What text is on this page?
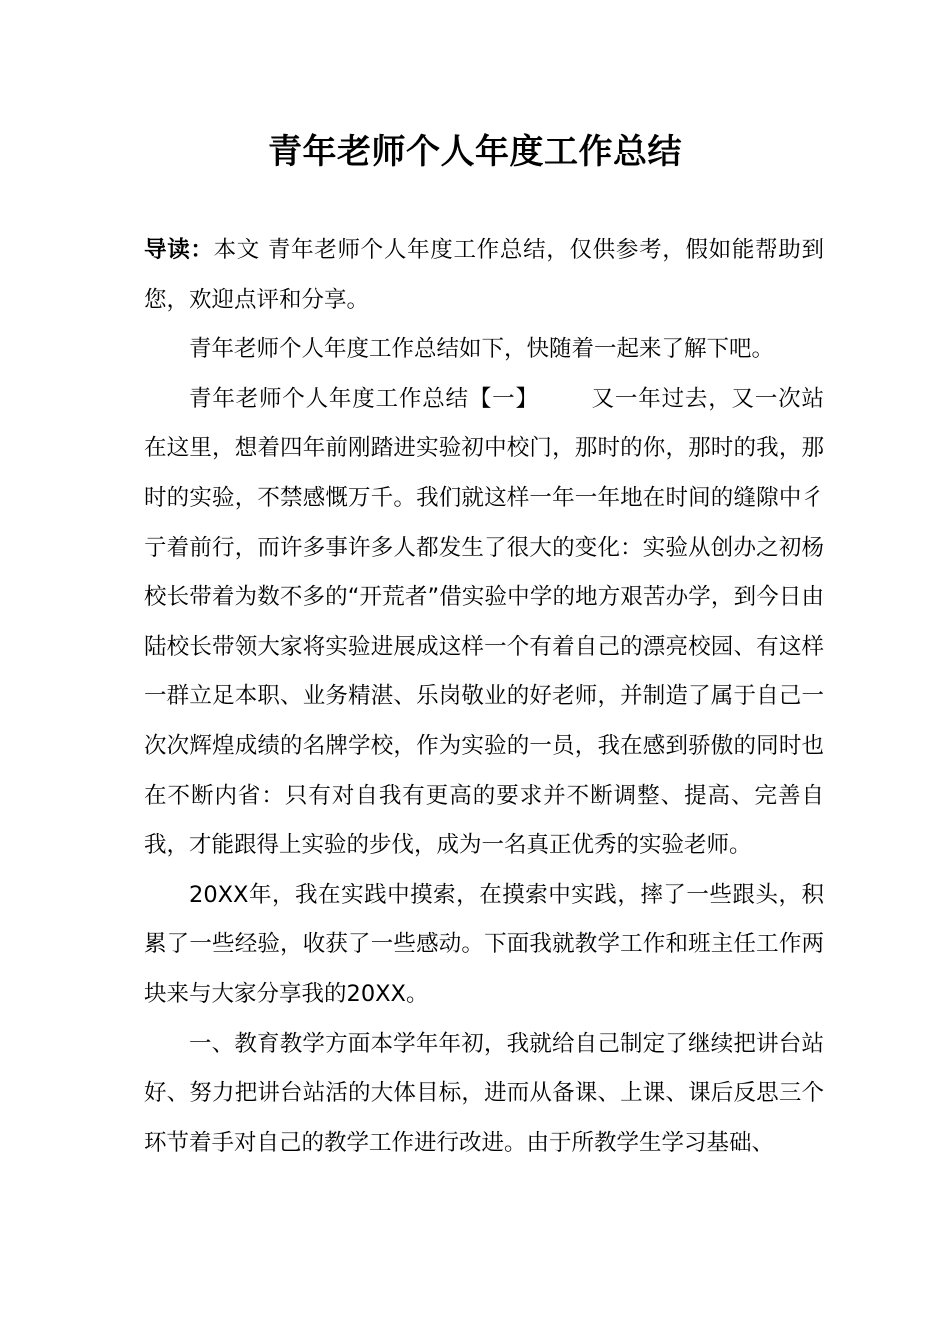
青年老师个人年度工作总结

导读：本文 青年老师个人年度工作总结，仅供参考，假如能帮助到您，欢迎点评和分享。

青年老师个人年度工作总结如下，快随着一起来了解下吧。

青年老师个人年度工作总结【一】 又一年过去，又一次站在这里，想着四年前刚踏进实验初中校门，那时的你，那时的我，那时的实验，不禁感慨万千。我们就这样一年一年地在时间的缝隙中彳亍着前行，而许多事许多人都发生了很大的变化：实验从创办之初杨校长带着为数不多的“开荒者”借实验中学的地方艰苦办学，到今日由陆校长带领大家将实验进展成这样一个有着自己的漂亮校园、有这样一群立足本职、业务精湛、乐岗敬业的好老师，并制造了属于自己一次次辉煌成绩的名牌学校，作为实验的一员，我在感到骄傲的同时也在不断内省：只有对自我有更高的要求并不断调整、提高、完善自我，才能跟得上实验的步伐，成为一名真正优秀的实验老师。

20XX年，我在实践中摸索，在摸索中实践，摔了一些跟头，积累了一些经验，收获了一些感动。下面我就教学工作和班主任工作两块来与大家分享我的20XX。

一、教育教学方面本学年年初，我就给自己制定了继续把讲台站好、努力把讲台站活的大体目标，进而从备课、上课、课后反思三个环节着手对自己的教学工作进行改进。由于所教学生学习基础、
